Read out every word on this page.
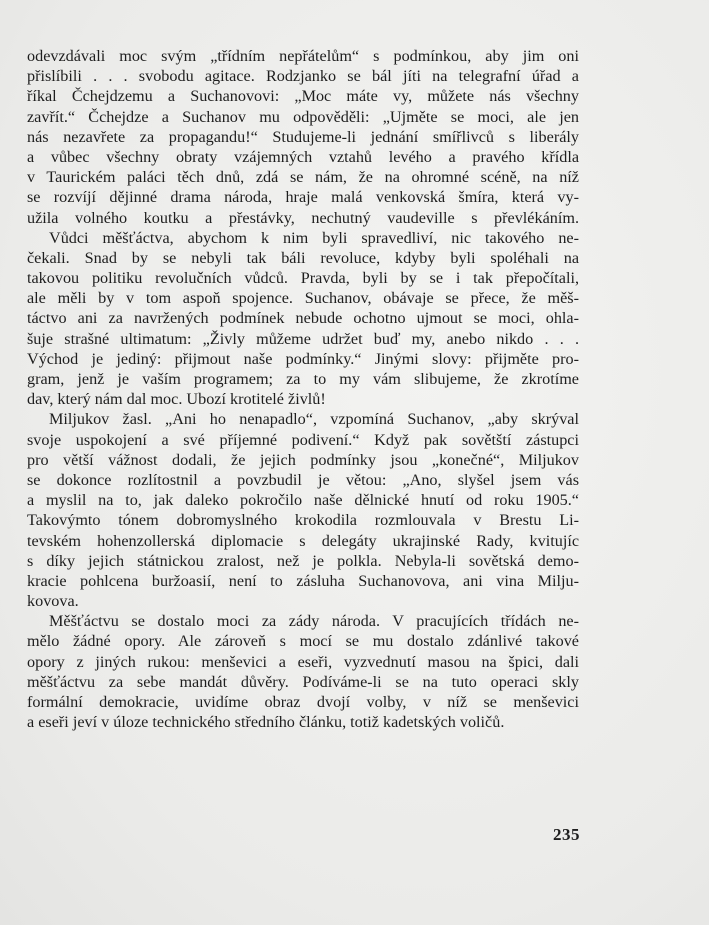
odevzdávali moc svým „třídním nepřátelům“ s podmínkou, aby jim oni
přislíbili . . . svobodu agitace. Rodzjanko se bál jíti na telegrafní úřad a
říkal Čchejdzemu a Suchanovovi: „Moc máte vy, můžete nás všechny
zavřít.“ Čchejdze a Suchanov mu odpověděli: „Ujměte se moci, ale jen
nás nezavřete za propagandu!“ Studujeme-li jednání smířlivců s liberály
a vůbec všechny obraty vzájemných vztahů levého a pravého křídla
v Taurickém paláci těch dnů, zdá se nám, že na ohromné scéně, na níž
se rozvíjí dějinné drama národa, hraje malá venkovská šmíra, která vy-
užila volného koutku a přestávky, nechutný vaudeville s převlékáním.
Vůdci měšťáctva, abychom k nim byli spravedliví, nic takového ne-
čekali. Snad by se nebyli tak báli revoluce, kdyby byli spoléhali na
takovou politiku revolučních vůdců. Pravda, byli by se i tak přepočítali,
ale měli by v tom aspoň spojence. Suchanov, obávaje se přece, že měš-
táctvo ani za navržených podmínek nebude ochotno ujmout se moci, ohla-
šuje strašné ultimatum: „Živly můžeme udržet buď my, anebo nikdo . . .
Východ je jediný: přijmout naše podmínky.“ Jinými slovy: přijměte pro-
gram, jenž je vaším programem; za to my vám slibujeme, že zkrotíme
dav, který nám dal moc. Ubozí krotitelé živlů!
Miljukov žasl. „Ani ho nenapadlo“, vzpomíná Suchanov, „aby skrýval
svoje uspokojení a své příjemné podivení.“ Když pak sovětští zástupci
pro větší vážnost dodali, že jejich podmínky jsou „konečné“, Miljukov
se dokonce rozlítostnil a povzbudil je větou: „Ano, slyšel jsem vás
a myslil na to, jak daleko pokročilo naše dělnické hnutí od roku 1905.“
Takovýmto tónem dobromyslného krokodila rozmlouvala v Brestu Li-
tevském hohenzollerská diplomacie s delegáty ukrajinské Rady, kvitujíc
s díky jejich státnickou zralost, než je polkla. Nebyla-li sovětská demo-
kracie pohlcena buržoasií, není to zásluha Suchanovova, ani vina Milju-
kovova.
Měšťáctvu se dostalo moci za zády národa. V pracujících třídách ne-
mělo žádné opory. Ale zároveň s mocí se mu dostalo zdánlivé takové
opory z jiných rukou: menševici a eseři, vyzvednutí masou na špici, dali
měšťáctvu za sebe mandát důvěry. Podíváme-li se na tuto operaci skly
formální demokracie, uvidíme obraz dvojí volby, v níž se menševici
a eseři jeví v úloze technického středního článku, totiž kadetských voličů.
235
